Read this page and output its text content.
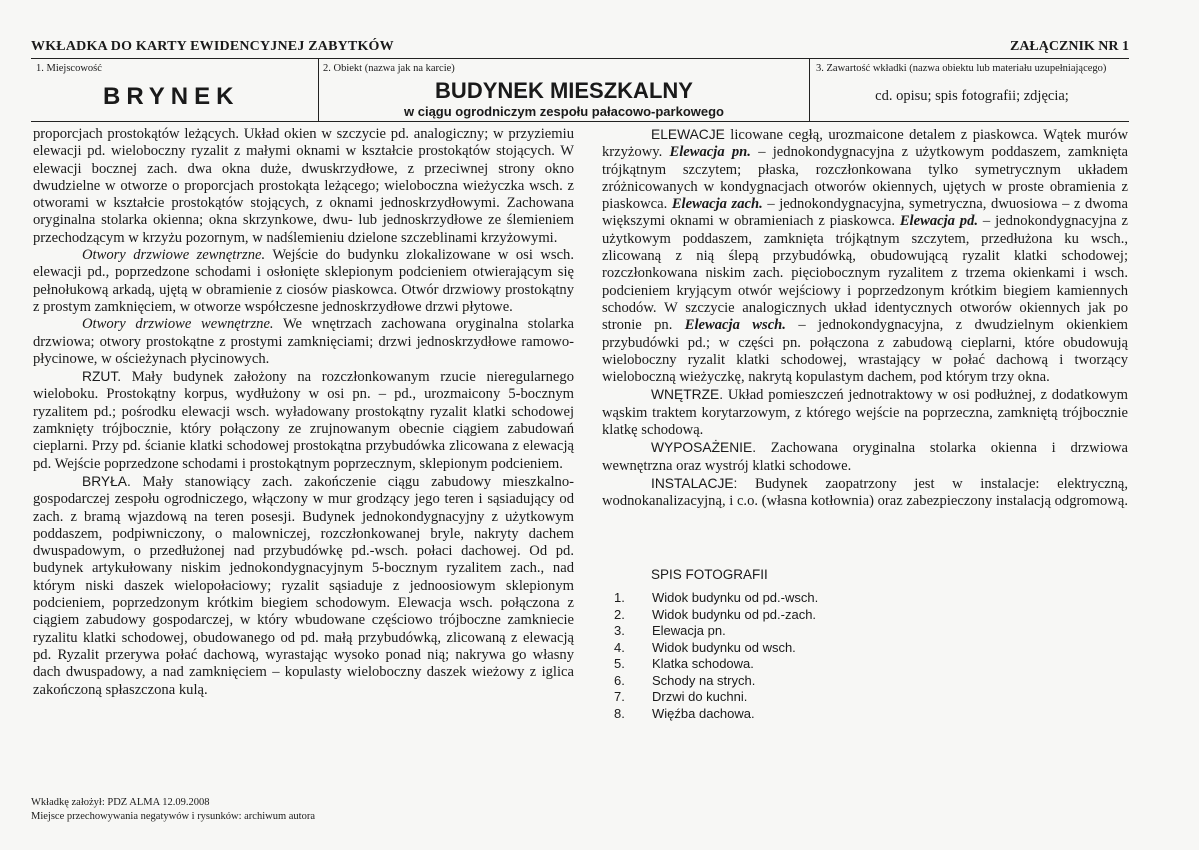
WKŁADKA DO KARTY EWIDENCYJNEJ ZABYTKÓW	ZAŁĄCZNIK NR 1
1. Miejscowość
BRYNEK
2. Obiekt (nazwa jak na karcie)
BUDYNEK MIESZKALNY
w ciągu ogrodniczym zespołu pałacowo-parkowego
3. Zawartość wkładki (nazwa obiektu lub materiału uzupełniającego)
cd. opisu; spis fotografii; zdjęcia;

proporcjach prostokątów leżących. Układ okien w szczycie pd. analogiczny; w przyziemiu elewacji pd. wieloboczny ryzalit z małymi oknami w kształcie prostokątów stojących. W elewacji bocznej zach. dwa okna duże, dwuskrzydłowe, z przeciwnej strony okno dwudzielne w otworze o proporcjach prostokąta leżącego; wieloboczna wieżyczka wsch. z otworami w kształcie prostokątów stojących, z oknami jednoskrzydłowymi. Zachowana oryginalna stolarka okienna; okna skrzynkowe, dwu- lub jednoskrzydłowe ze ślemieniem przechodzącym w krzyżu pozornym, w nadślemieniu dzielone szczeblinami krzyżowymi.

Otwory drzwiowe zewnętrzne. Wejście do budynku zlokalizowane w osi wsch. elewacji pd., poprzedzone schodami i osłonięte sklepionym podcieniem otwierającym się pełnołukową arkadą, ujętą w obramienie z ciosów piaskowca. Otwór drzwiowy prostokątny z prostym zamknięciem, w otworze współczesne jednoskrzydłowe drzwi płytowe.

Otwory drzwiowe wewnętrzne. We wnętrzach zachowana oryginalna stolarka drzwiowa; otwory prostokątne z prostymi zamknięciami; drzwi jednoskrzydłowe ramowo-płycinowe, w ościeżynach płycinowych.

RZUT. Mały budynek założony na rozczłonkowanym rzucie nieregularnego wieloboku. Prostokątny korpus, wydłużony w osi pn. – pd., urozmaicony 5-bocznym ryzalitem pd.; pośrodku elewacji wsch. wyładowany prostokątny ryzalit klatki schodowej zamknięty trójbocznie, który połączony ze zrujnowanym obecnie ciągiem zabudowań cieplarni. Przy pd. ścianie klatki schodowej prostokątna przybudówka zlicowana z elewacją pd. Wejście poprzedzone schodami i prostokątnym poprzecznym, sklepionym podcieniem.

BRYŁA. Mały stanowiący zach. zakończenie ciągu zabudowy mieszkalno-gospodarczej zespołu ogrodniczego, włączony w mur grodzący jego teren i sąsiadujący od zach. z bramą wjazdową na teren posesji. Budynek jednokondygnacyjny z użytkowym poddaszem, podpiwniczony, o malowniczej, rozczłonkowanej bryle, nakryty dachem dwuspadowym, o przedłużonej nad przybudówkę pd.-wsch. połaci dachowej. Od pd. budynek artykułowany niskim jednokondygnacyjnym 5-bocznym ryzalitem zach., nad którym niski daszek wielopołaciowy; ryzalit sąsiaduje z jednoosiowym sklepionym podcieniem, poprzedzonym krótkim biegiem schodowym. Elewacja wsch. połączona z ciągiem zabudowy gospodarczej, w który wbudowane częściowo trójboczne zamkniecie ryzalitu klatki schodowej, obudowanego od pd. małą przybudówką, zlicowaną z elewacją pd. Ryzalit przerywa połać dachową, wyrastając wysoko ponad nią; nakrywa go własny dach dwuspadowy, a nad zamknięciem – kopulasty wieloboczny daszek wieżowy z iglica zakończoną spłaszczona kulą.

ELEWACJE licowane cegłą, urozmaicone detalem z piaskowca. Wątek murów krzyżowy. Elewacja pn. – jednokondygnacyjna z użytkowym poddaszem, zamknięta trójkątnym szczytem; płaska, rozczłonkowana tylko symetrycznym układem zróżnicowanych w kondygnacjach otworów okiennych, ujętych w proste obramienia z piaskowca. Elewacja zach. – jednokondygnacyjna, symetryczna, dwuosiowa – z dwoma większymi oknami w obramieniach z piaskowca. Elewacja pd. – jednokondygnacyjna z użytkowym poddaszem, zamknięta trójkątnym szczytem, przedłużona ku wsch., zlicowaną z nią ślepą przybudówką, obudowującą ryzalit klatki schodowej; rozczłonkowana niskim zach. pięciobocznym ryzalitem z trzema okienkami i wsch. podcieniem kryjącym otwór wejściowy i poprzedzonym krótkim biegiem kamiennych schodów. W szczycie analogicznych układ identycznych otworów okiennych jak po stronie pn. Elewacja wsch. – jednokondygnacyjna, z dwudzielnym okienkiem przybudówki pd.; w części pn. połączona z zabudową cieplarni, które obudowują wieloboczny ryzalit klatki schodowej, wrastający w połać dachową i tworzący wieloboczną wieżyczkę, nakrytą kopulastym dachem, pod którym trzy okna.

WNĘTRZE. Układ pomieszczeń jednotraktowy w osi podłużnej, z dodatkowym wąskim traktem korytarzowym, z którego wejście na poprzeczna, zamkniętą trójbocznie klatkę schodową.

WYPOSAŻENIE. Zachowana oryginalna stolarka okienna i drzwiowa wewnętrzna oraz wystrój klatki schodowe.

INSTALACJE: Budynek zaopatrzony jest w instalacje: elektryczną, wodnokanalizacyjną, i c.o. (własna kotłownia) oraz zabezpieczony instalacją odgromową.

SPIS FOTOGRAFII
1.	Widok budynku od pd.-wsch.
2.	Widok budynku od pd.-zach.
3.	Elewacja pn.
4.	Widok budynku od wsch.
5.	Klatka schodowa.
6.	Schody na strych.
7.	Drzwi do kuchni.
8.	Więźba dachowa.
Wkładkę założył: PDZ ALMA 12.09.2008
Miejsce przechowywania negatywów i rysunków: archiwum autora
